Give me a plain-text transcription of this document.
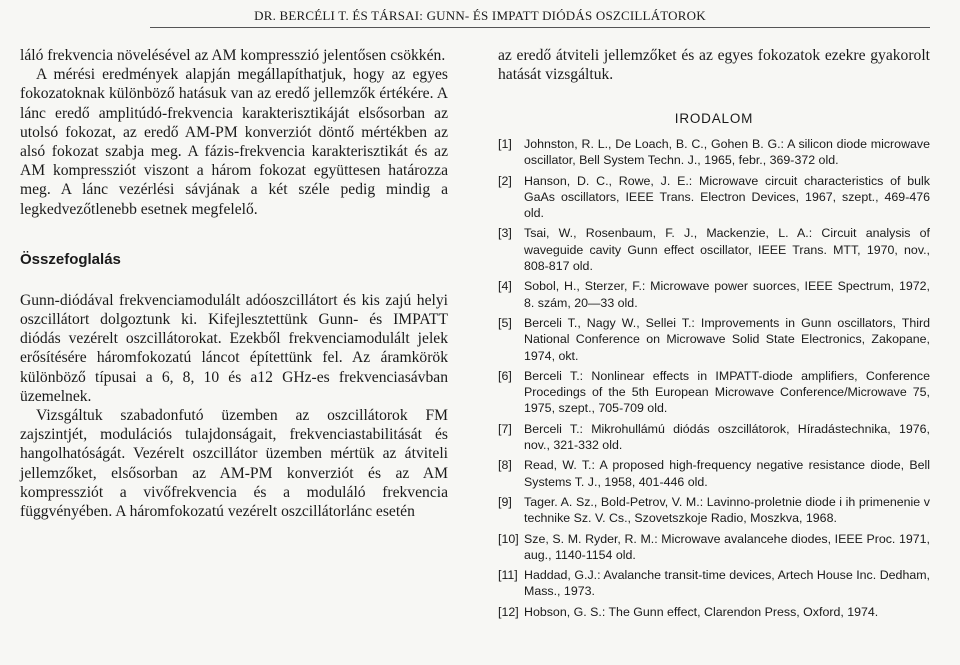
DR. BERCÉLI T. ÉS TÁRSAI: GUNN- ÉS IMPATT DIÓDÁS OSZCILLÁTOROK

láló frekvencia növelésével az AM kompresszió jelentősen csökkén.

A mérési eredmények alapján megállapíthatjuk, hogy az egyes fokozatoknak különböző hatásuk van az eredő jellemzők értékére. A lánc eredő amplitúdó-frekvencia karakterisztikáját elsősorban az utolsó fokozat, az eredő AM-PM konverziót döntő mértékben az alsó fokozat szabja meg. A fázis-frekvencia karakterisztikát és az AM kompressziót viszont a három fokozat együttesen határozza meg. A lánc vezérlési sávjának a két széle pedig mindig a legkedvezőtlenebb esetnek megfelelő.

Összefoglalás

Gunn-diódával frekvenciamodulált adóoszcillátort és kis zajú helyi oszcillátort dolgoztunk ki. Kifejlesztettünk Gunn- és IMPATT diódás vezérelt oszcillátorokat. Ezekből frekvenciamodulált jelek erősítésére háromfokozatú láncot építettünk fel. Az áramkörök különböző típusai a 6, 8, 10 és a12 GHz-es frekvenciasávban üzemelnek.

Vizsgáltuk szabadonfutó üzemben az oszcillátorok FM zajszintjét, modulációs tulajdonságait, frekvenciastabilitását és hangolhatóságát. Vezérelt oszcillátor üzemben mértük az átviteli jellemzőket, elsősorban az AM-PM konverziót és az AM kompressziót a vivőfrekvencia és a moduláló frekvencia függvényében. A háromfokozatú vezérelt oszcillátorlánc esetén

az eredő átviteli jellemzőket és az egyes fokozatok ezekre gyakorolt hatását vizsgáltuk.

IRODALOM
[1] Johnston, R. L., De Loach, B. C., Gohen B. G.: A silicon diode microwave oscillator, Bell System Techn. J., 1965, febr., 369-372 old.
[2] Hanson, D. C., Rowe, J. E.: Microwave circuit characteristics of bulk GaAs oscillators, IEEE Trans. Electron Devices, 1967, szept., 469-476 old.
[3] Tsai, W., Rosenbaum, F. J., Mackenzie, L. A.: Circuit analysis of waveguide cavity Gunn effect oscillator, IEEE Trans. MTT, 1970, nov., 808-817 old.
[4] Sobol, H., Sterzer, F.: Microwave power suorces, IEEE Spectrum, 1972, 8. szám, 20—33 old.
[5] Berceli T., Nagy W., Sellei T.: Improvements in Gunn oscillators, Third National Conference on Microwave Solid State Electronics, Zakopane, 1974, okt.
[6] Berceli T.: Nonlinear effects in IMPATT-diode amplifiers, Conference Procedings of the 5th European Microwave Conference/Microwave 75, 1975, szept., 705-709 old.
[7] Berceli T.: Mikrohullámú diódás oszcillátorok, Híradástechnika, 1976, nov., 321-332 old.
[8] Read, W. T.: A proposed high-frequency negative resistance diode, Bell Systems T. J., 1958, 401-446 old.
[9] Tager. A. Sz., Bold-Petrov, V. M.: Lavinno-proletnie diode i ih primenenie v technike Sz. V. Cs., Szovetszkoje Radio, Moszkva, 1968.
[10] Sze, S. M. Ryder, R. M.: Microwave avalancehe diodes, IEEE Proc. 1971, aug., 1140-1154 old.
[11] Haddad, G.J.: Avalanche transit-time devices, Artech House Inc. Dedham, Mass., 1973.
[12] Hobson, G. S.: The Gunn effect, Clarendon Press, Oxford, 1974.
